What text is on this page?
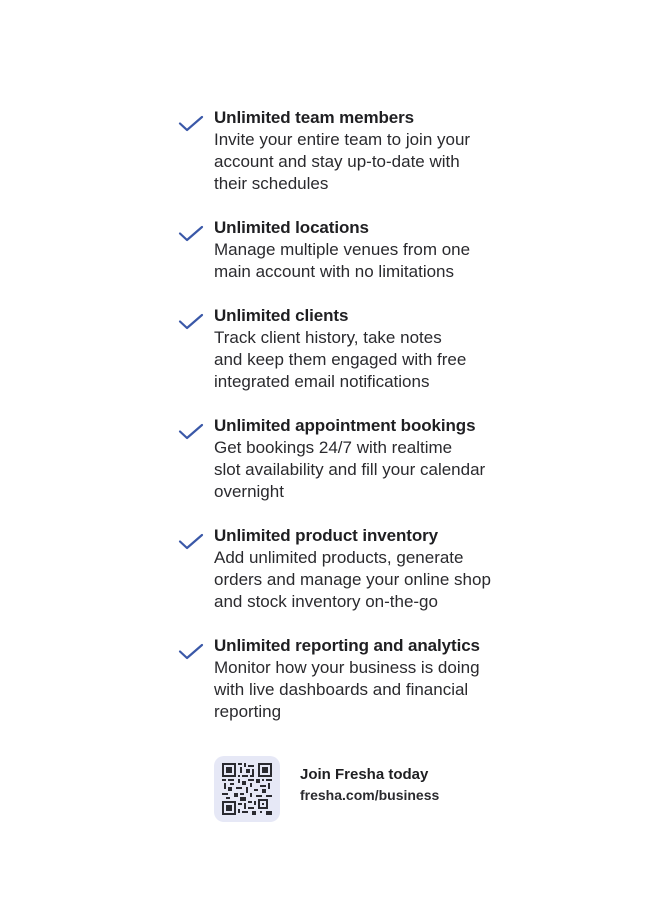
Unlimited team members
Invite your entire team to join your
account and stay up-to-date with
their schedules
Unlimited locations
Manage multiple venues from one
main account with no limitations
Unlimited clients
Track client history, take notes
and keep them engaged with free
integrated email notifications
Unlimited appointment bookings
Get bookings 24/7 with realtime
slot availability and fill your calendar
overnight
Unlimited product inventory
Add unlimited products, generate
orders and manage your online shop
and stock inventory on-the-go
Unlimited reporting and analytics
Monitor how your business is doing
with live dashboards and financial
reporting
Join Fresha today
fresha.com/business
